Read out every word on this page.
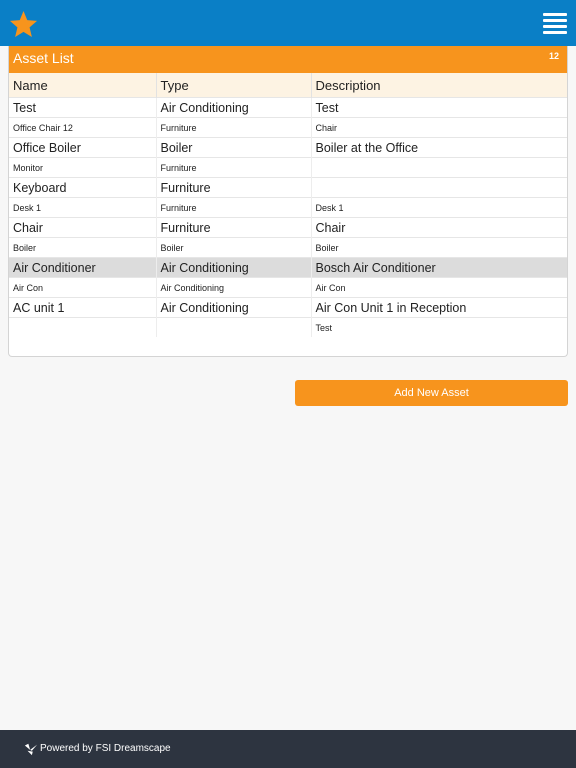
Asset List	12
Name	Type	Description
Test	Air Conditioning	Test
Office Chair 12	Furniture	Chair
Office Boiler	Boiler	Boiler at the Office
Monitor	Furniture	
Keyboard	Furniture	
Desk 1	Furniture	Desk 1
Chair	Furniture	Chair
Boiler	Boiler	Boiler
Air Conditioner	Air Conditioning	Bosch Air Conditioner
Air Con	Air Conditioning	Air Con
AC unit 1	Air Conditioning	Air Con Unit 1 in Reception
		Test
Add New Asset
Powered by FSI Dreamscape
